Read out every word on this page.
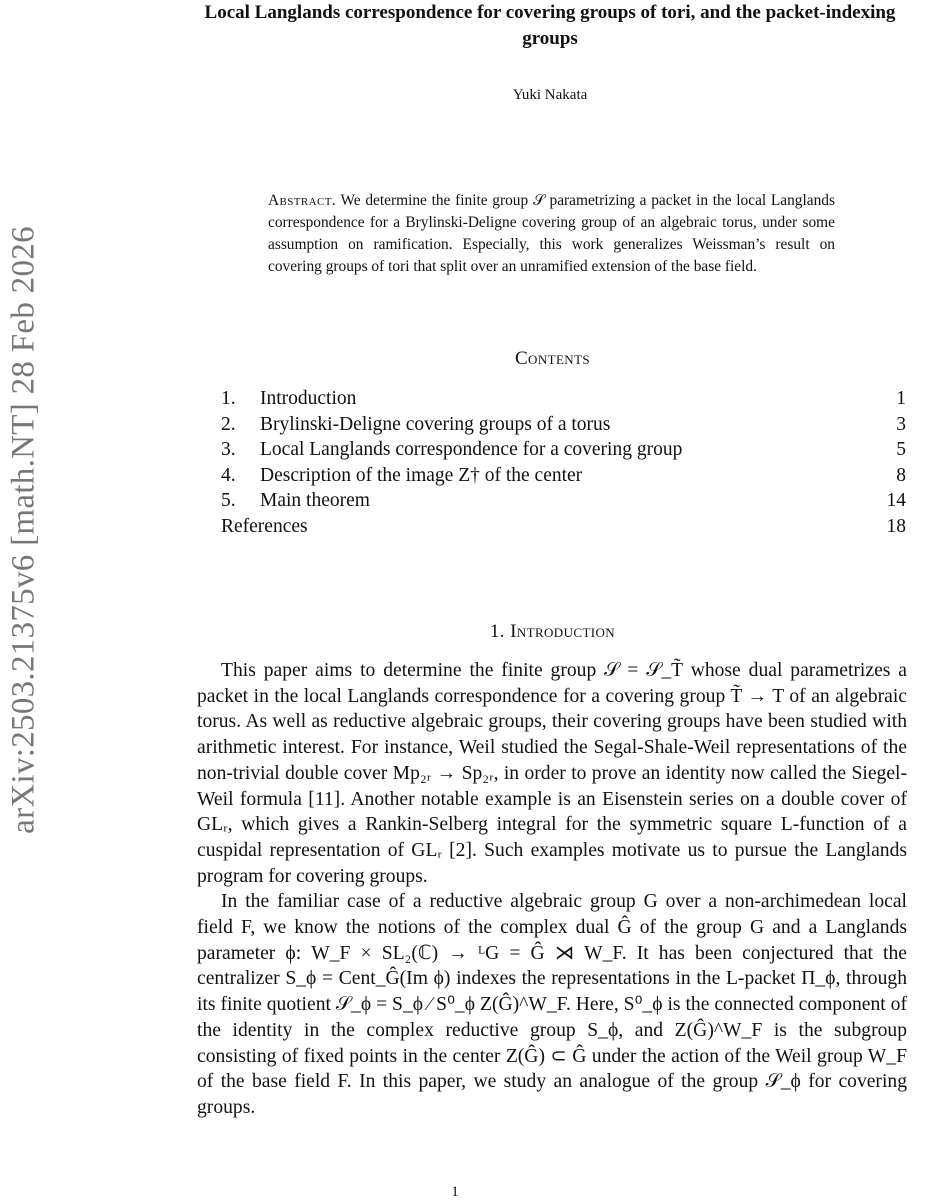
arXiv:2503.21375v6 [math.NT] 28 Feb 2026
Local Langlands correspondence for covering groups of tori, and the packet-indexing groups
Yuki Nakata

Abstract. We determine the finite group 𝒮 parametrizing a packet in the local Langlands correspondence for a Brylinski-Deligne covering group of an algebraic torus, under some assumption on ramification. Especially, this work generalizes Weissman’s result on covering groups of tori that split over an unramified extension of the base field.

Contents
1.	Introduction	1
2.	Brylinski-Deligne covering groups of a torus	3
3.	Local Langlands correspondence for a covering group	5
4.	Description of the image Z† of the center	8
5.	Main theorem	14
References	18
1. Introduction

This paper aims to determine the finite group 𝒮 = 𝒮_T̃ whose dual parametrizes a packet in the local Langlands correspondence for a covering group T̃ → T of an algebraic torus. As well as reductive algebraic groups, their covering groups have been studied with arithmetic interest. For instance, Weil studied the Segal-Shale-Weil representations of the non-trivial double cover Mp₂ᵣ → Sp₂ᵣ, in order to prove an identity now called the Siegel-Weil formula [11]. Another notable example is an Eisenstein series on a double cover of GLᵣ, which gives a Rankin-Selberg integral for the symmetric square L-function of a cuspidal representation of GLᵣ [2]. Such examples motivate us to pursue the Langlands program for covering groups.

In the familiar case of a reductive algebraic group G over a non-archimedean local field F, we know the notions of the complex dual Ĝ of the group G and a Langlands parameter ϕ: W_F × SL₂(ℂ) → ᴸG = Ĝ ⋊ W_F. It has been conjectured that the centralizer S_ϕ = Cent_Ĝ(Im ϕ) indexes the representations in the L-packet Π_ϕ, through its finite quotient 𝒮_ϕ = S_ϕ ⁄ S⁰_ϕ Z(Ĝ)^W_F. Here, S⁰_ϕ is the connected component of the identity in the complex reductive group S_ϕ, and Z(Ĝ)^W_F is the subgroup consisting of fixed points in the center Z(Ĝ) ⊂ Ĝ under the action of the Weil group W_F of the base field F. In this paper, we study an analogue of the group 𝒮_ϕ for covering groups.

1
